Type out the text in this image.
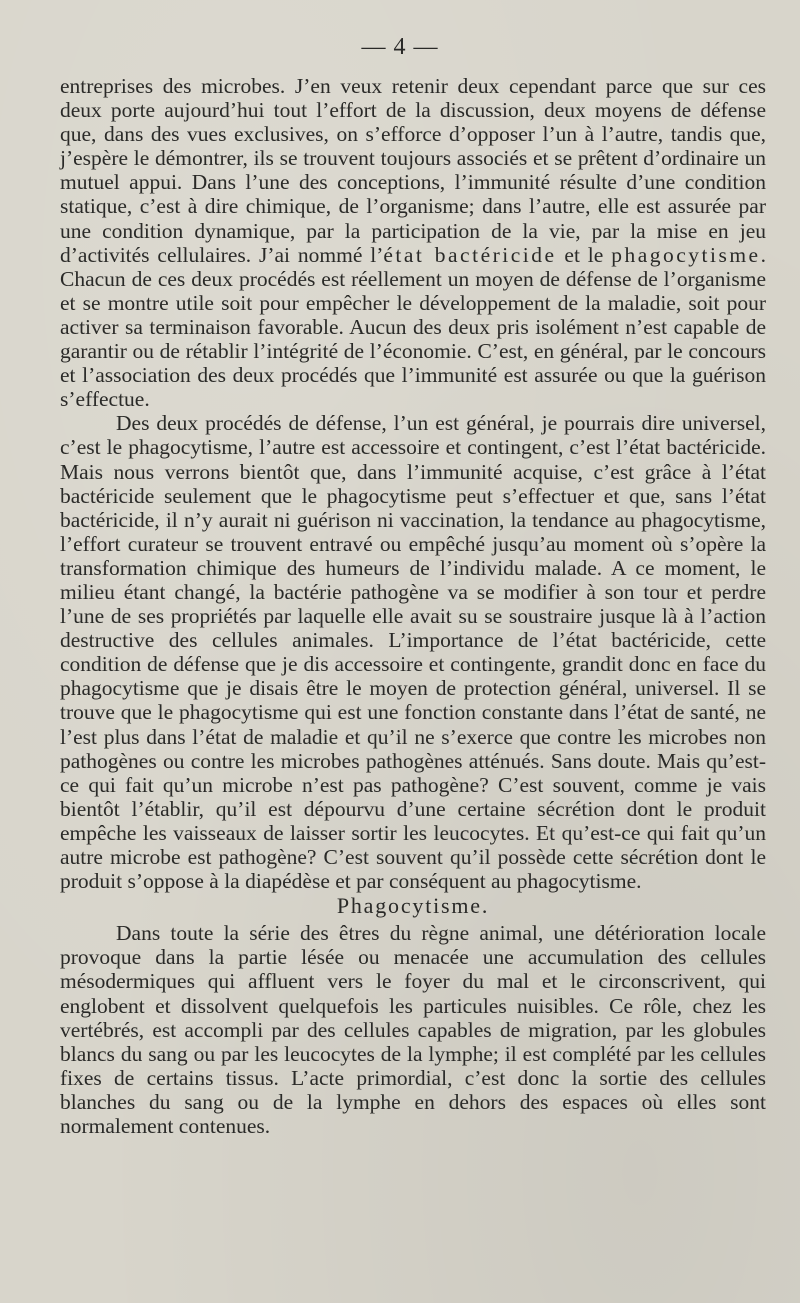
— 4 —

entreprises des microbes. J’en veux retenir deux cependant parce que sur ces deux porte aujourd’hui tout l’effort de la discussion, deux moyens de défense que, dans des vues exclusives, on s’efforce d’opposer l’un à l’autre, tandis que, j’espère le démontrer, ils se trouvent toujours associés et se prêtent d’ordinaire un mutuel appui. Dans l’une des conceptions, l’immunité résulte d’une condition statique, c’est à dire chimique, de l’organisme; dans l’autre, elle est assurée par une condition dynamique, par la participation de la vie, par la mise en jeu d’activités cellulaires. J’ai nommé l’état bactéricide et le phagocytisme. Chacun de ces deux procédés est réellement un moyen de défense de l’organisme et se montre utile soit pour empêcher le développement de la maladie, soit pour activer sa terminaison favorable. Aucun des deux pris isolément n’est capable de garantir ou de rétablir l’intégrité de l’économie. C’est, en général, par le concours et l’association des deux procédés que l’immunité est assurée ou que la guérison s’effectue.

Des deux procédés de défense, l’un est général, je pourrais dire universel, c’est le phagocytisme, l’autre est accessoire et contingent, c’est l’état bactéricide. Mais nous verrons bientôt que, dans l’immunité acquise, c’est grâce à l’état bactéricide seulement que le phagocytisme peut s’effectuer et que, sans l’état bactéricide, il n’y aurait ni guérison ni vaccination, la tendance au phagocytisme, l’effort curateur se trouvent entravé ou empêché jusqu’au moment où s’opère la transformation chimique des humeurs de l’individu malade. A ce moment, le milieu étant changé, la bactérie pathogène va se modifier à son tour et perdre l’une de ses propriétés par laquelle elle avait su se soustraire jusque là à l’action destructive des cellules animales. L’importance de l’état bactéricide, cette condition de défense que je dis accessoire et contingente, grandit donc en face du phagocytisme que je disais être le moyen de protection général, universel. Il se trouve que le phagocytisme qui est une fonction constante dans l’état de santé, ne l’est plus dans l’état de maladie et qu’il ne s’exerce que contre les microbes non pathogènes ou contre les microbes pathogènes atténués. Sans doute. Mais qu’est-ce qui fait qu’un microbe n’est pas pathogène? C’est souvent, comme je vais bientôt l’établir, qu’il est dépourvu d’une certaine sécrétion dont le produit empêche les vaisseaux de laisser sortir les leucocytes. Et qu’est-ce qui fait qu’un autre microbe est pathogène? C’est souvent qu’il possède cette sécrétion dont le produit s’oppose à la diapédèse et par conséquent au phagocytisme.

Phagocytisme.

Dans toute la série des êtres du règne animal, une détérioration locale provoque dans la partie lésée ou menacée une accumulation des cellules mésodermiques qui affluent vers le foyer du mal et le circonscrivent, qui englobent et dissolvent quelquefois les particules nuisibles. Ce rôle, chez les vertébrés, est accompli par des cellules capables de migration, par les globules blancs du sang ou par les leucocytes de la lymphe; il est complété par les cellules fixes de certains tissus. L’acte primordial, c’est donc la sortie des cellules blanches du sang ou de la lymphe en dehors des espaces où elles sont normalement contenues.
